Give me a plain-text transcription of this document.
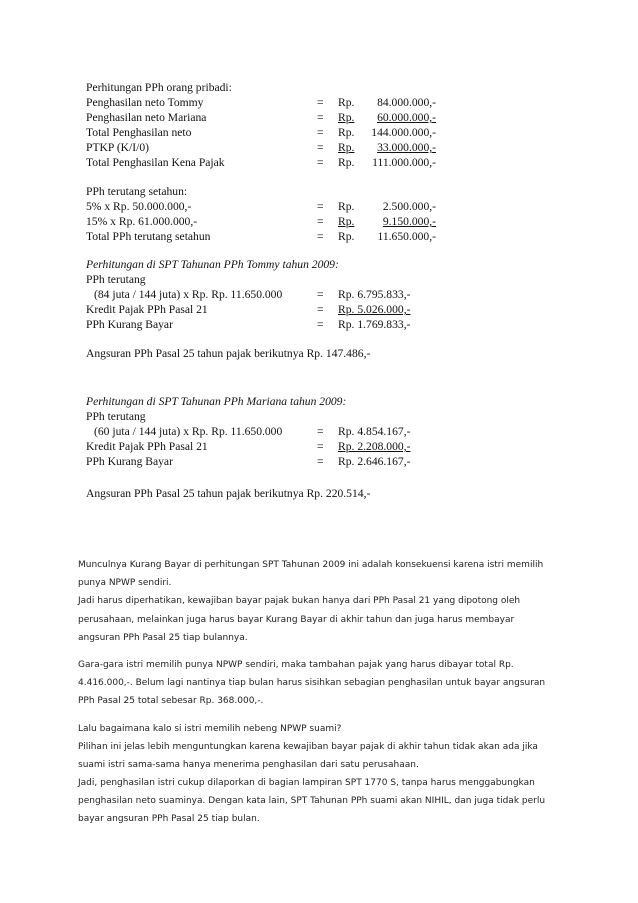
Perhitungan PPh orang pribadi:
Penghasilan neto Tommy	= Rp.	84.000.000,-
Penghasilan neto Mariana	= Rp.	60.000.000,-
Total Penghasilan neto	= Rp.	144.000.000,-
PTKP (K/I/0)	= Rp.	33.000.000,-
Total Penghasilan Kena Pajak	= Rp.	111.000.000,-
PPh terutang setahun:
5% x Rp. 50.000.000,-	= Rp.	2.500.000,-
15% x Rp. 61.000.000,-	= Rp.	9.150.000,-
Total PPh terutang setahun	= Rp.	11.650.000,-
Perhitungan di SPT Tahunan PPh Tommy tahun 2009:
PPh terutang
(84 juta / 144 juta) x Rp. Rp. 11.650.000	= Rp. 6.795.833,-
Kredit Pajak PPh Pasal 21	= Rp. 5.026.000,-
PPh Kurang Bayar	= Rp. 1.769.833,-
Angsuran PPh Pasal 25 tahun pajak berikutnya Rp. 147.486,-
Perhitungan di SPT Tahunan PPh Mariana tahun 2009:
PPh terutang
(60 juta / 144 juta) x Rp. Rp. 11.650.000	= Rp. 4.854.167,-
Kredit Pajak PPh Pasal 21	= Rp. 2.208.000,-
PPh Kurang Bayar	= Rp. 2.646.167,-
Angsuran PPh Pasal 25 tahun pajak berikutnya Rp. 220.514,-
Munculnya Kurang Bayar di perhitungan SPT Tahunan 2009 ini adalah konsekuensi karena istri memilih
punya NPWP sendiri.
Jadi harus diperhatikan, kewajiban bayar pajak bukan hanya dari PPh Pasal 21 yang dipotong oleh
perusahaan, melainkan juga harus bayar Kurang Bayar di akhir tahun dan juga harus membayar
angsuran PPh Pasal 25 tiap bulannya.
Gara-gara istri memilih punya NPWP sendiri, maka tambahan pajak yang harus dibayar total Rp.
4.416.000,-. Belum lagi nantinya tiap bulan harus sisihkan sebagian penghasilan untuk bayar angsuran
PPh Pasal 25 total sebesar Rp. 368.000,-.
Lalu bagaimana kalo si istri memilih nebeng NPWP suami?
Pilihan ini jelas lebih menguntungkan karena kewajiban bayar pajak di akhir tahun tidak akan ada jika
suami istri sama-sama hanya menerima penghasilan dari satu perusahaan.
Jadi, penghasilan istri cukup dilaporkan di bagian lampiran SPT 1770 S, tanpa harus menggabungkan
penghasilan neto suaminya. Dengan kata lain, SPT Tahunan PPh suami akan NIHIL, dan juga tidak perlu
bayar angsuran PPh Pasal 25 tiap bulan.
